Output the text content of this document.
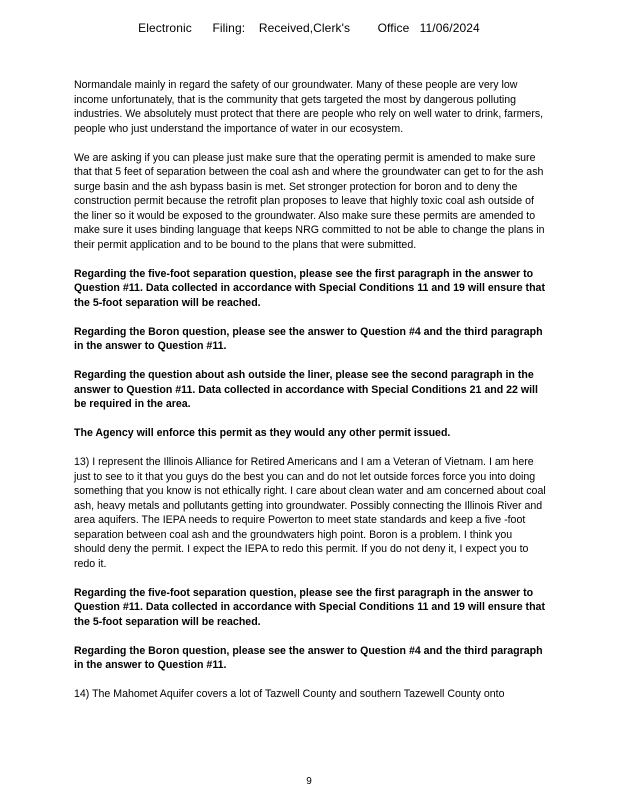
Electronic      Filing:    Received,Clerk's        Office   11/06/2024

Normandale mainly in regard the safety of our groundwater. Many of these people are very low income unfortunately, that is the community that gets targeted the most by dangerous polluting industries. We absolutely must protect that there are people who rely on well water to drink, farmers, people who just understand the importance of water in our ecosystem.

We are asking if you can please just make sure that the operating permit is amended to make sure that that 5 feet of separation between the coal ash and where the groundwater can get to for the ash surge basin and the ash bypass basin is met. Set stronger protection for boron and to deny the construction permit because the retrofit plan proposes to leave that highly toxic coal ash outside of the liner so it would be exposed to the groundwater. Also make sure these permits are amended to make sure it uses binding language that keeps NRG committed to not be able to change the plans in their permit application and to be bound to the plans that were submitted.

Regarding the five-foot separation question, please see the first paragraph in the answer to Question #11. Data collected in accordance with Special Conditions 11 and 19 will ensure that the 5-foot separation will be reached.

Regarding the Boron question, please see the answer to Question #4 and the third paragraph in the answer to Question #11.

Regarding the question about ash outside the liner, please see the second paragraph in the answer to Question #11. Data collected in accordance with Special Conditions 21 and 22 will be required in the area.

The Agency will enforce this permit as they would any other permit issued.

13) I represent the Illinois Alliance for Retired Americans and I am a Veteran of Vietnam. I am here just to see to it that you guys do the best you can and do not let outside forces force you into doing something that you know is not ethically right. I care about clean water and am concerned about coal ash, heavy metals and pollutants getting into groundwater. Possibly connecting the Illinois River and area aquifers. The IEPA needs to require Powerton to meet state standards and keep a five -foot separation between coal ash and the groundwaters high point. Boron is a problem. I think you should deny the permit. I expect the IEPA to redo this permit. If you do not deny it, I expect you to redo it.

Regarding the five-foot separation question, please see the first paragraph in the answer to Question #11. Data collected in accordance with Special Conditions 11 and 19 will ensure that the 5-foot separation will be reached.

Regarding the Boron question, please see the answer to Question #4 and the third paragraph in the answer to Question #11.

14) The Mahomet Aquifer covers a lot of Tazwell County and southern Tazewell County onto

9
